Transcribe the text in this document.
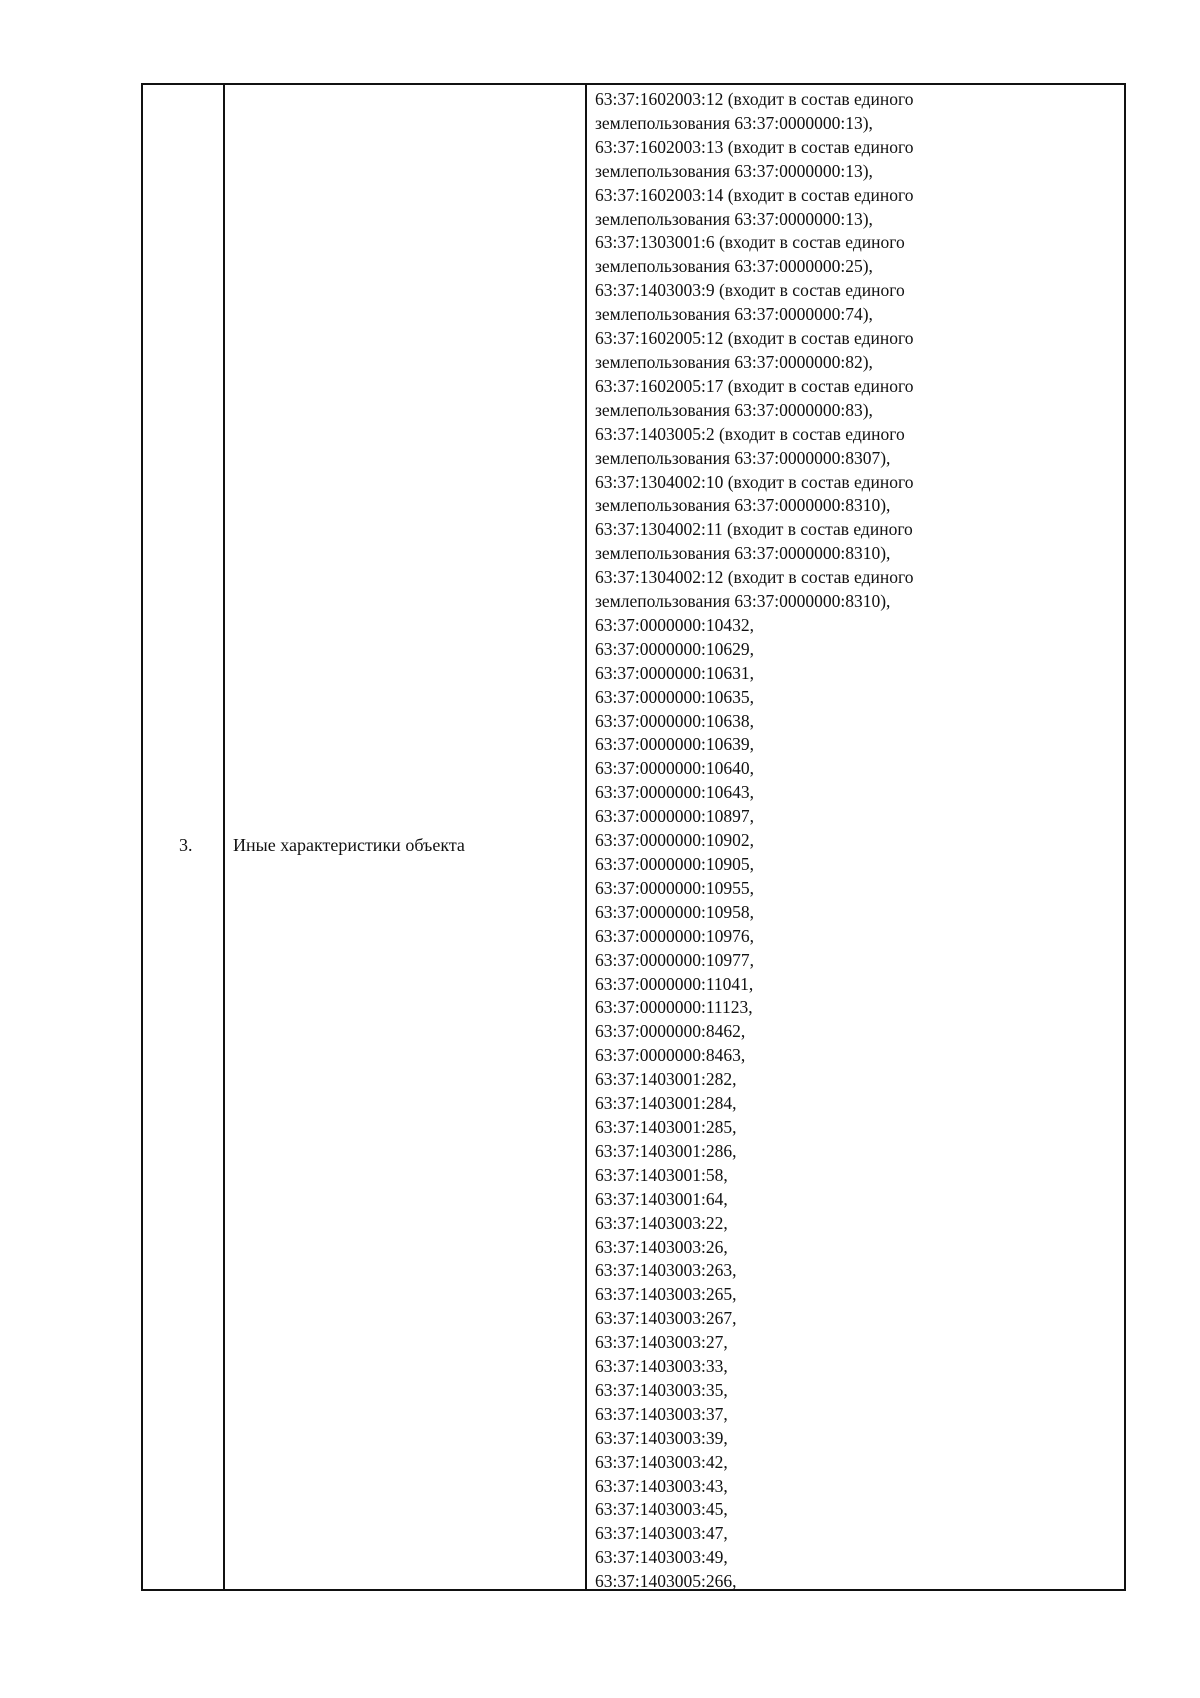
3. Иные характеристики объекта
63:37:1602003:12 (входит в состав единого
землепользования 63:37:0000000:13),
63:37:1602003:13 (входит в состав единого
землепользования 63:37:0000000:13),
63:37:1602003:14 (входит в состав единого
землепользования 63:37:0000000:13),
63:37:1303001:6 (входит в состав единого
землепользования 63:37:0000000:25),
63:37:1403003:9 (входит в состав единого
землепользования 63:37:0000000:74),
63:37:1602005:12 (входит в состав единого
землепользования 63:37:0000000:82),
63:37:1602005:17 (входит в состав единого
землепользования 63:37:0000000:83),
63:37:1403005:2 (входит в состав единого
землепользования 63:37:0000000:8307),
63:37:1304002:10 (входит в состав единого
землепользования 63:37:0000000:8310),
63:37:1304002:11 (входит в состав единого
землепользования 63:37:0000000:8310),
63:37:1304002:12 (входит в состав единого
землепользования 63:37:0000000:8310),
63:37:0000000:10432,
63:37:0000000:10629,
63:37:0000000:10631,
63:37:0000000:10635,
63:37:0000000:10638,
63:37:0000000:10639,
63:37:0000000:10640,
63:37:0000000:10643,
63:37:0000000:10897,
63:37:0000000:10902,
63:37:0000000:10905,
63:37:0000000:10955,
63:37:0000000:10958,
63:37:0000000:10976,
63:37:0000000:10977,
63:37:0000000:11041,
63:37:0000000:11123,
63:37:0000000:8462,
63:37:0000000:8463,
63:37:1403001:282,
63:37:1403001:284,
63:37:1403001:285,
63:37:1403001:286,
63:37:1403001:58,
63:37:1403001:64,
63:37:1403003:22,
63:37:1403003:26,
63:37:1403003:263,
63:37:1403003:265,
63:37:1403003:267,
63:37:1403003:27,
63:37:1403003:33,
63:37:1403003:35,
63:37:1403003:37,
63:37:1403003:39,
63:37:1403003:42,
63:37:1403003:43,
63:37:1403003:45,
63:37:1403003:47,
63:37:1403003:49,
63:37:1403005:266,
